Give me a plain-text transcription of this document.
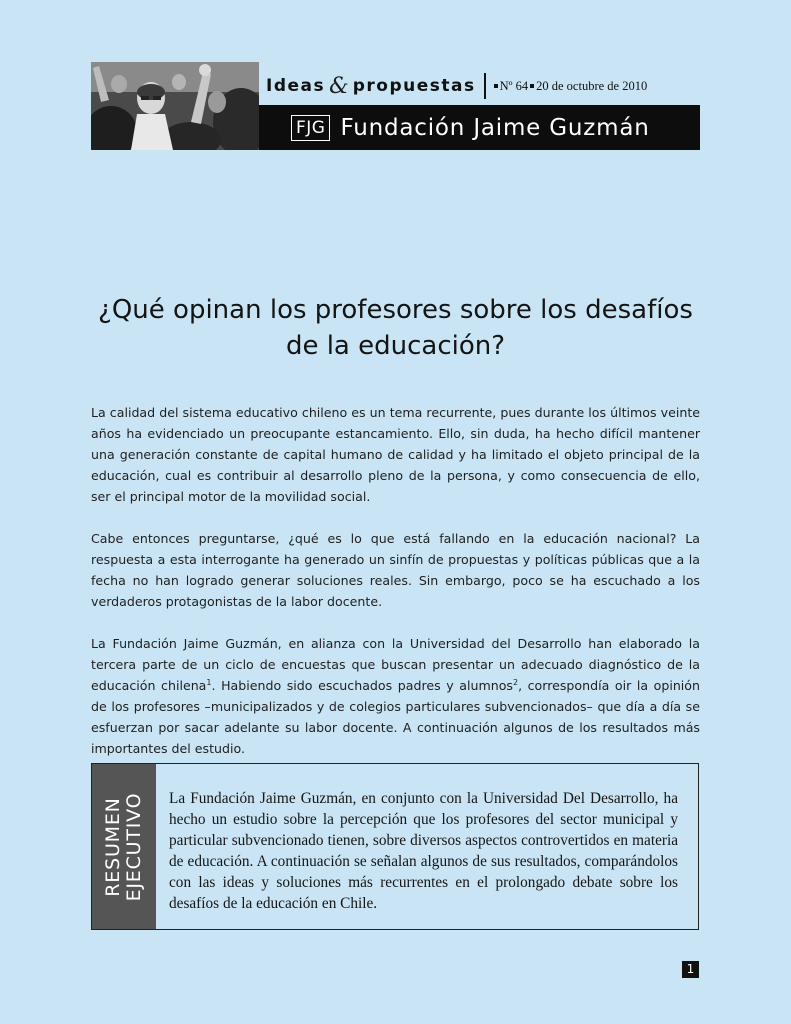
Ideas & propuestas Nº 64 20 de octubre de 2010
FJG Fundación Jaime Guzmán
¿Qué opinan los profesores sobre los desafíos
de la educación?

La calidad del sistema educativo chileno es un tema recurrente, pues durante los últimos veinte años ha evidenciado un preocupante estancamiento. Ello, sin duda, ha hecho difícil mantener una generación constante de capital humano de calidad y ha limitado el objeto principal de la educación, cual es contribuir al desarrollo pleno de la persona, y como consecuencia de ello, ser el principal motor de la movilidad social.

Cabe entonces preguntarse, ¿qué es lo que está fallando en la educación nacional? La respuesta a esta interrogante ha generado un sinfín de propuestas y políticas públicas que a la fecha no han logrado generar soluciones reales. Sin embargo, poco se ha escuchado a los verdaderos protagonistas de la labor docente.

La Fundación Jaime Guzmán, en alianza con la Universidad del Desarrollo han elaborado la tercera parte de un ciclo de encuestas que buscan presentar un adecuado diagnóstico de la educación chilena$^1$. Habiendo sido escuchados padres y alumnos$^2$, correspondía oir la opinión de los profesores –municipalizados y de colegios particulares subvencionados– que día a día se esfuerzan por sacar adelante su labor docente. A continuación algunos de los resultados más importantes del estudio.

RESUMEN
EJECUTIVO La Fundación Jaime Guzmán, en conjunto con la Universidad Del Desarrollo, ha hecho un estudio sobre la percepción que los profesores del sector municipal y particular subvencionado tienen, sobre diversos aspectos controvertidos en materia de educación. A continuación se señalan algunos de sus resultados, comparándolos con las ideas y soluciones más recurrentes en el prolongado debate sobre los desafíos de la educación en Chile.

1
